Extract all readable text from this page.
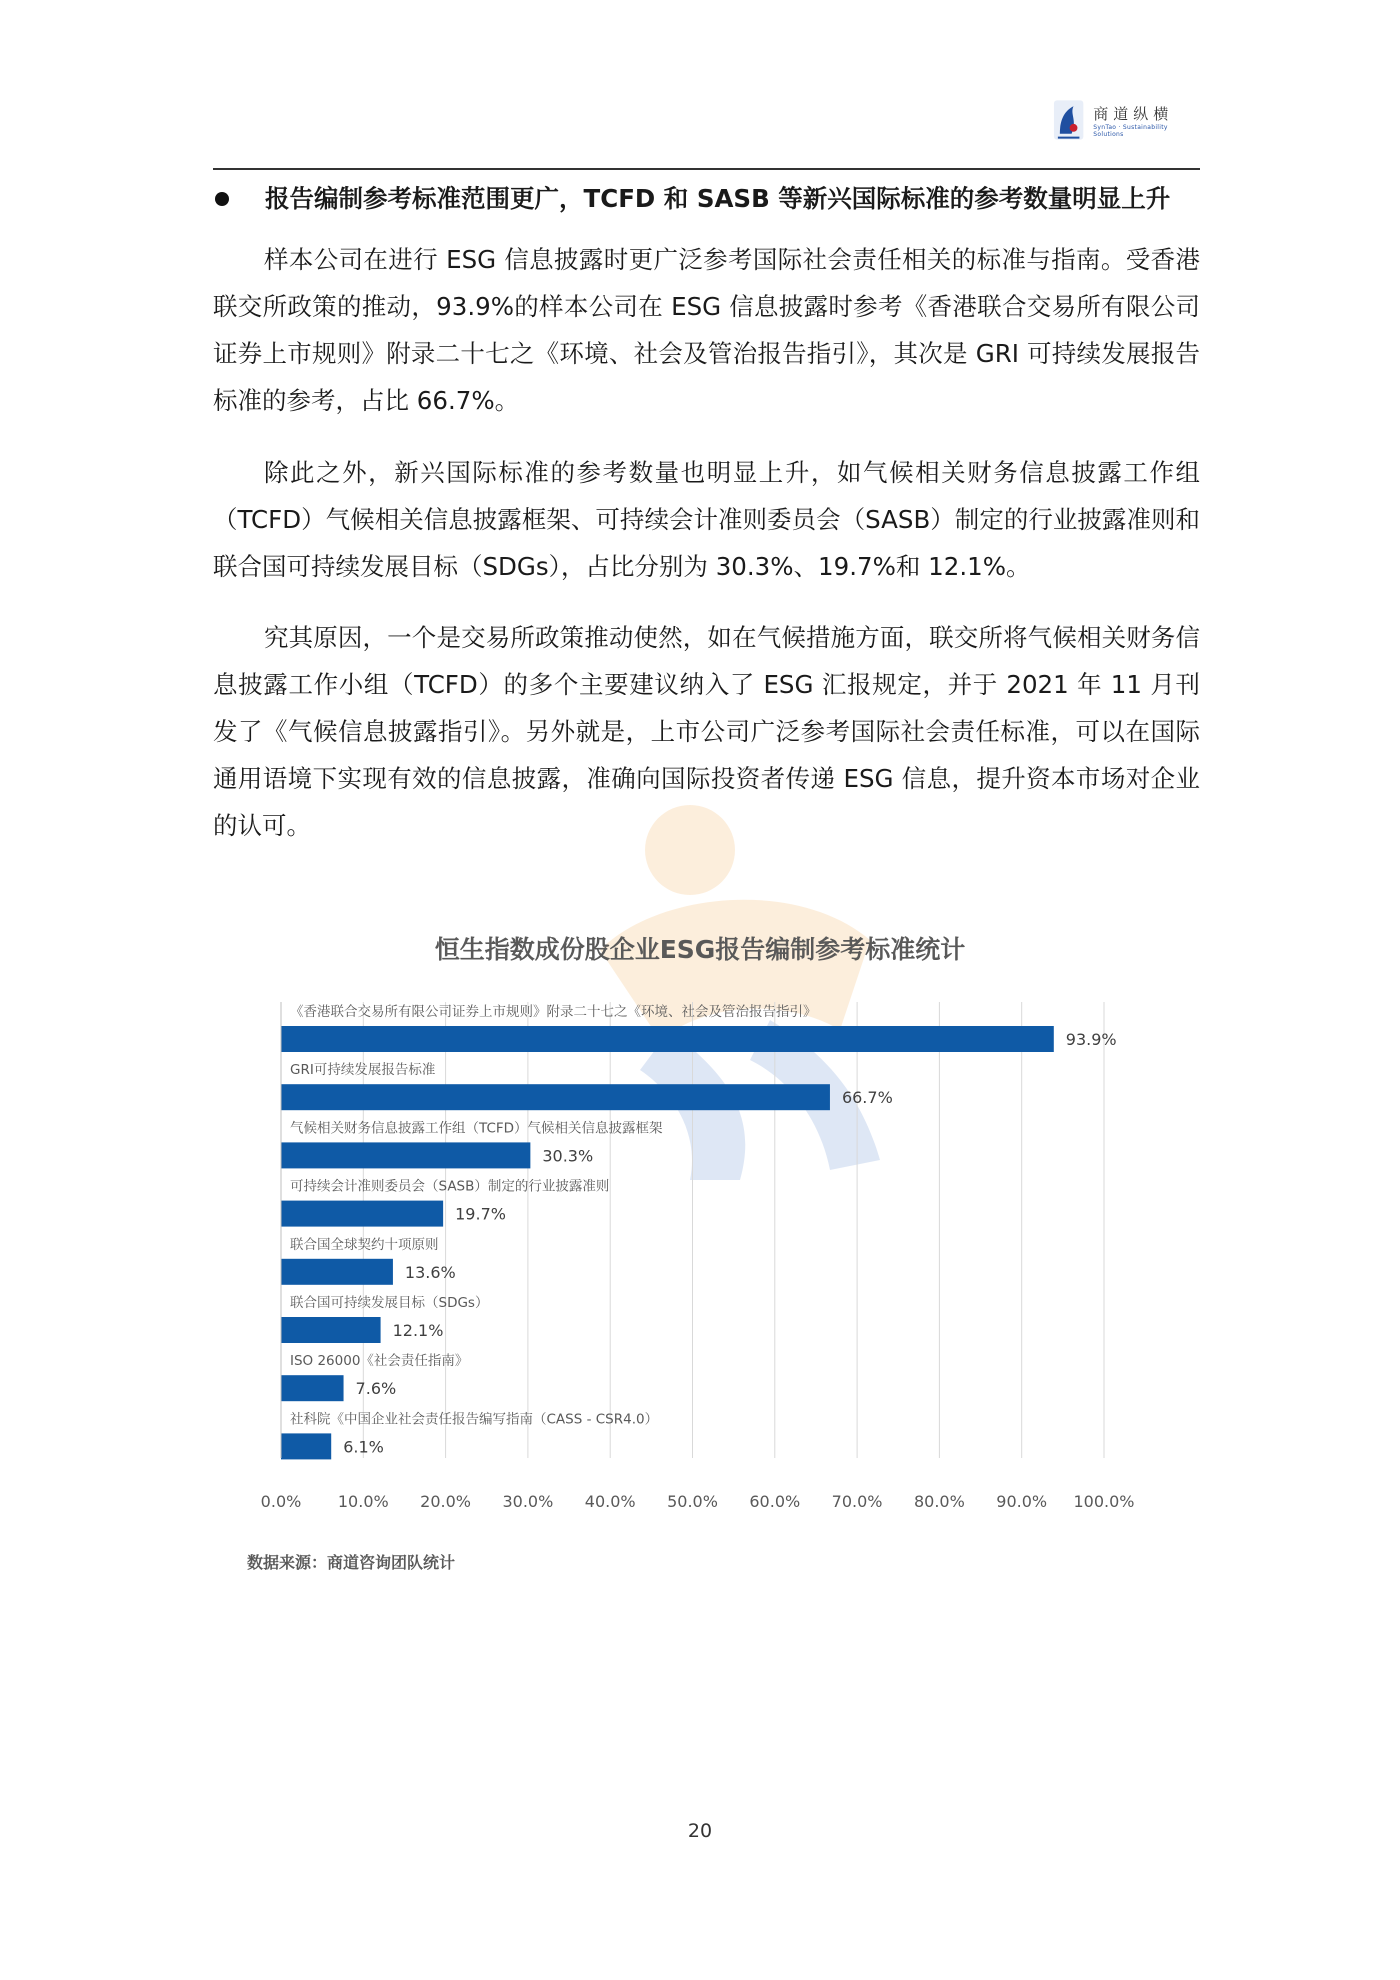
商道纵横
SynTao · Sustainability Solutions
报告编制参考标准范围更广，TCFD 和 SASB 等新兴国际标准的参考数量明显上升

样本公司在进行 ESG 信息披露时更广泛参考国际社会责任相关的标准与指南。受香港联交所政策的推动，93.9%的样本公司在 ESG 信息披露时参考《香港联合交易所有限公司证券上市规则》附录二十七之《环境、社会及管治报告指引》，其次是 GRI 可持续发展报告标准的参考，占比 66.7%。

除此之外，新兴国际标准的参考数量也明显上升，如气候相关财务信息披露工作组（TCFD）气候相关信息披露框架、可持续会计准则委员会（SASB）制定的行业披露准则和联合国可持续发展目标（SDGs），占比分别为 30.3%、19.7%和 12.1%。

究其原因，一个是交易所政策推动使然，如在气候措施方面，联交所将气候相关财务信息披露工作小组（TCFD）的多个主要建议纳入了 ESG 汇报规定，并于 2021 年 11 月刊发了《气候信息披露指引》。另外就是，上市公司广泛参考国际社会责任标准，可以在国际通用语境下实现有效的信息披露，准确向国际投资者传递 ESG 信息，提升资本市场对企业的认可。

恒生指数成份股企业ESG报告编制参考标准统计
0.0% 10.0% 20.0% 30.0% 40.0% 50.0% 60.0% 70.0% 80.0% 90.0% 100.0%
《香港联合交易所有限公司证券上市规则》附录二十七之《环境、社会及管治报告指引》
93.9%
GRI可持续发展报告标准
66.7%
气候相关财务信息披露工作组（TCFD）气候相关信息披露框架
30.3%
可持续会计准则委员会（SASB）制定的行业披露准则
19.7%
联合国全球契约十项原则
13.6%
联合国可持续发展目标（SDGs）
12.1%
ISO 26000《社会责任指南》
7.6%
社科院《中国企业社会责任报告编写指南（CASS - CSR4.0）
6.1%
数据来源：商道咨询团队统计
20
